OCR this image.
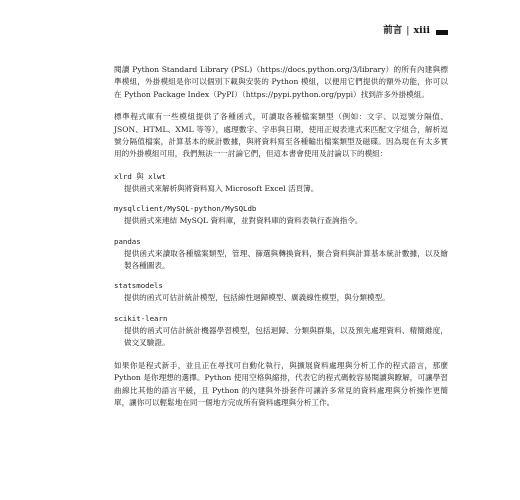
前言 | xiii

閱讀 Python Standard Library (PSL)（https://docs.python.org/3/library）的所有內建與標準模組，外掛模組是你可以個別下載與安裝的 Python 模組，以便用它們提供的額外功能，你可以在 Python Package Index（PyPI）（https://pypi.python.org/pypi）找到許多外掛模組。

標準程式庫有一些模組提供了各種函式，可讀取各種檔案類型（例如：文字、以逗號分隔值、JSON、HTML、XML 等等），處理數字、字串與日期，使用正規表達式來匹配文字組合，解析逗號分隔值檔案，計算基本的統計數據，與將資料寫至各種輸出檔案類型及磁碟。因為現在有太多實用的外掛模組可用，我們無法一一討論它們，但這本書會使用及討論以下的模組：

xlrd 與 xlwt
提供函式來解析與將資料寫入 Microsoft Excel 活頁簿。
mysqlclient/MySQL-python/MySQLdb
提供函式來連結 MySQL 資料庫，並對資料庫的資料表執行查詢指令。
pandas
提供函式來讀取各種檔案類型，管理、篩選與轉換資料，聚合資料與計算基本統計數據，以及繪製各種圖表。
statsmodels
提供的函式可估計統計模型，包括線性迴歸模型、廣義線性模型，與分類模型。
scikit-learn
提供的函式可估計統計機器學習模型，包括迴歸、分類與群集，以及預先處理資料、精簡維度，做交叉驗證。

如果你是程式新手，並且正在尋找可自動化執行，與擴展資料處理與分析工作的程式語言，那麼 Python 是你理想的選擇。Python 使用空格與縮排，代表它的程式碼較容易閱讀與瞭解，可讓學習曲線比其他的語言平緩，且 Python 的內建與外掛套件可讓許多常見的資料處理與分析操作更簡單，讓你可以輕鬆地在同一個地方完成所有資料處理與分析工作。
